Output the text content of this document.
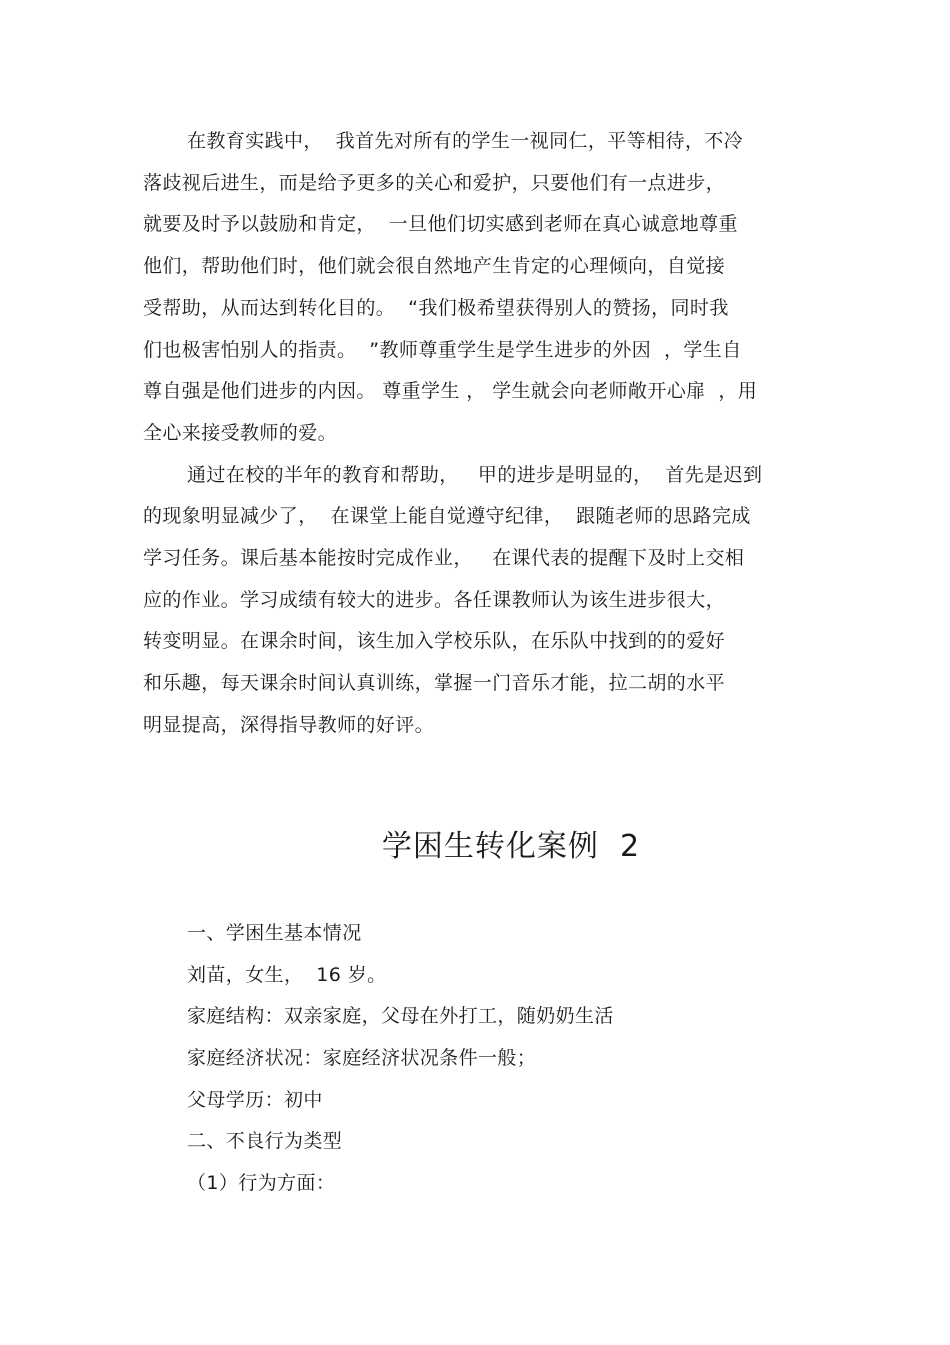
在教育实践中，  我首先对所有的学生一视同仁，平等相待，不冷
落歧视后进生，而是给予更多的关心和爱护，只要他们有一点进步，
就要及时予以鼓励和肯定，  一旦他们切实感到老师在真心诚意地尊重
他们，帮助他们时，他们就会很自然地产生肯定的心理倾向，自觉接
受帮助，从而达到转化目的。  “我们极希望获得别人的赞扬，同时我
们也极害怕别人的指责。  ”教师尊重学生是学生进步的外因  ，学生自
尊自强是他们进步的内因。 尊重学生 ， 学生就会向老师敞开心扉  ，用
全心来接受教师的爱。
通过在校的半年的教育和帮助，   甲的进步是明显的，  首先是迟到
的现象明显减少了，  在课堂上能自觉遵守纪律，  跟随老师的思路完成
学习任务。课后基本能按时完成作业，   在课代表的提醒下及时上交相
应的作业。学习成绩有较大的进步。各任课教师认为该生进步很大，
转变明显。在课余时间，该生加入学校乐队，在乐队中找到的的爱好
和乐趣，每天课余时间认真训练，掌握一门音乐才能，拉二胡的水平
明显提高，深得指导教师的好评。
学困生转化案例  2
一、学困生基本情况
刘苗，女生，  16 岁。
家庭结构：双亲家庭，父母在外打工，随奶奶生活
家庭经济状况：家庭经济状况条件一般；
父母学历：初中
二、不良行为类型
（1）行为方面：
